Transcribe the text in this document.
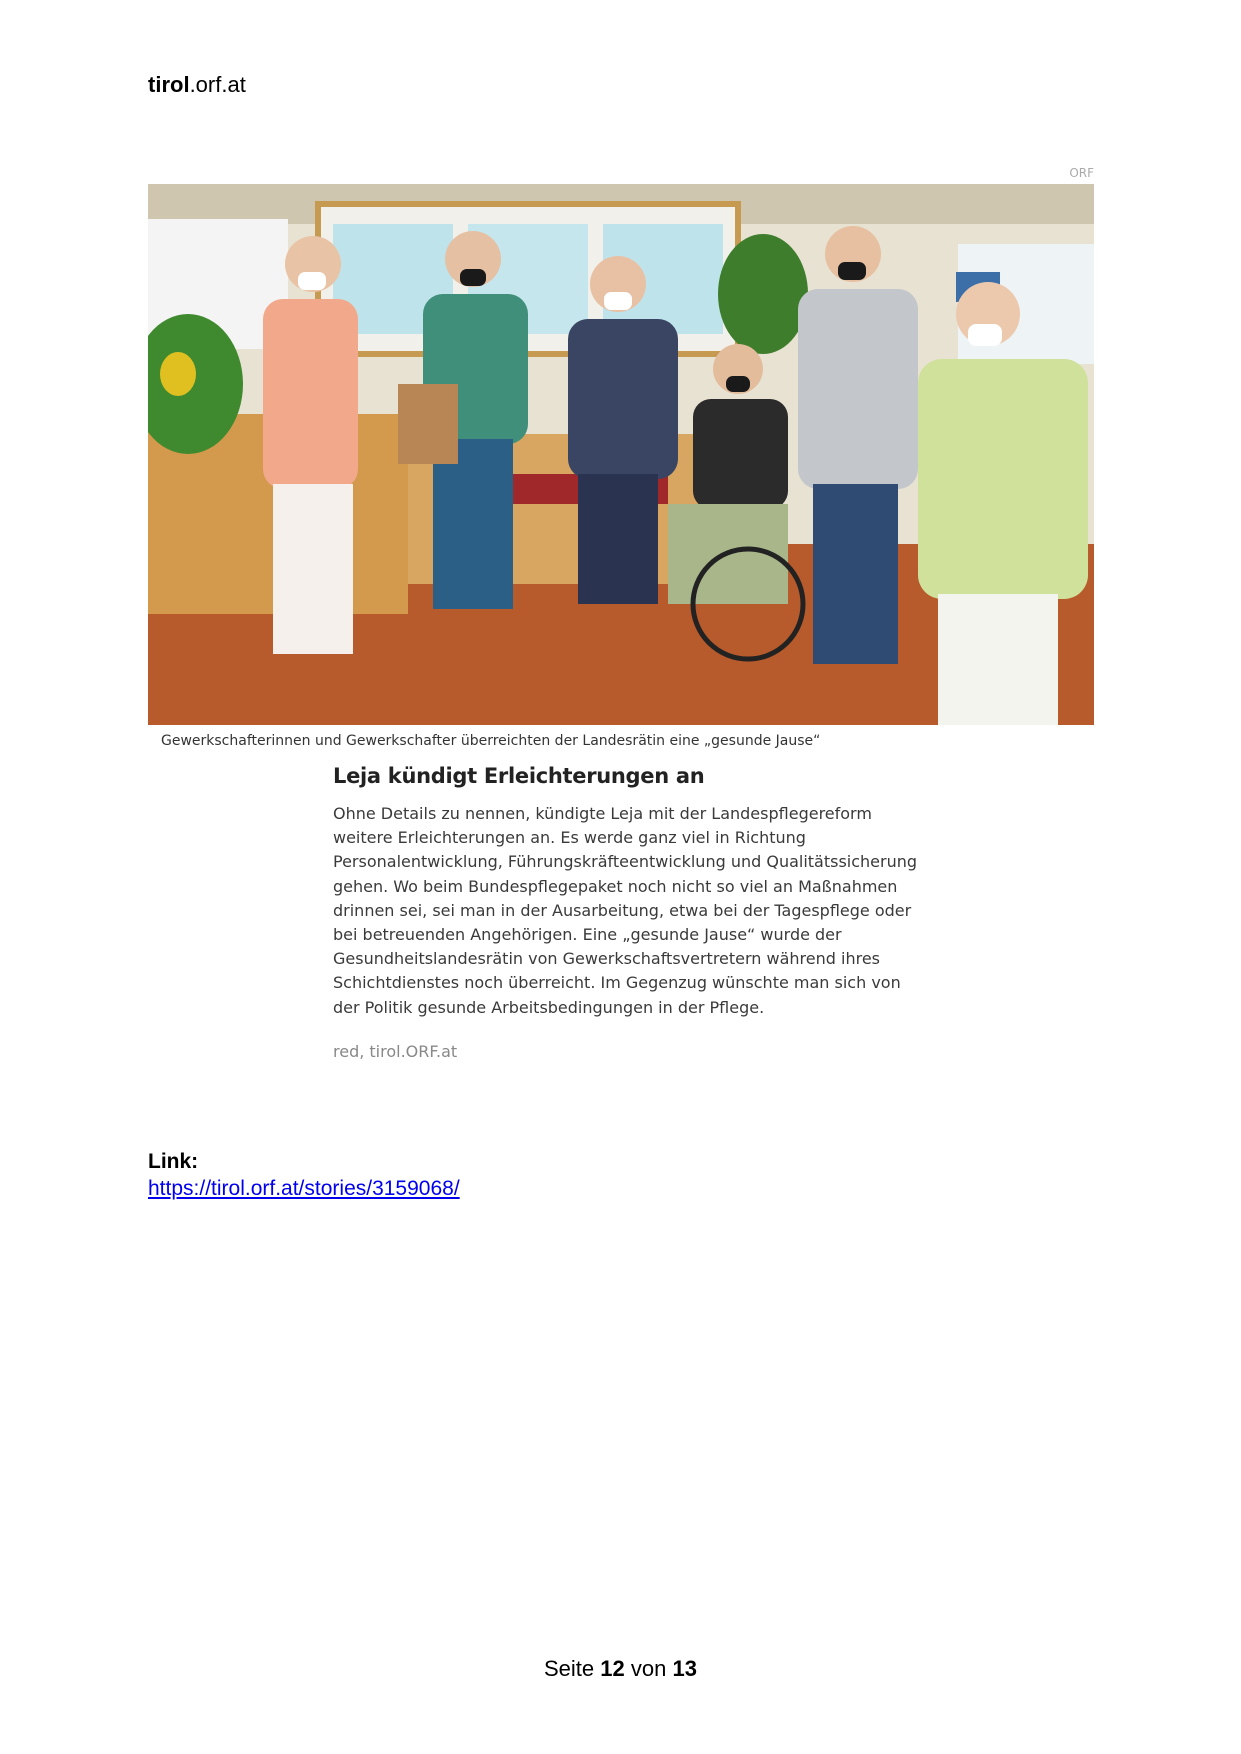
tirol.orf.at
ORF
Gewerkschafterinnen und Gewerkschafter überreichten der Landesrätin eine „gesunde Jause“
Leja kündigt Erleichterungen an

Ohne Details zu nennen, kündigte Leja mit der Landespflegereform weitere Erleichterungen an. Es werde ganz viel in Richtung Personalentwicklung, Führungskräfteentwicklung und Qualitätssicherung gehen. Wo beim Bundespflegepaket noch nicht so viel an Maßnahmen drinnen sei, sei man in der Ausarbeitung, etwa bei der Tagespflege oder bei betreuenden Angehörigen. Eine „gesunde Jause“ wurde der Gesundheitslandesrätin von Gewerkschaftsvertretern während ihres Schichtdienstes noch überreicht. Im Gegenzug wünschte man sich von der Politik gesunde Arbeitsbedingungen in der Pflege.

red, tirol.ORF.at
Link:
https://tirol.orf.at/stories/3159068/
Seite 12 von 13
